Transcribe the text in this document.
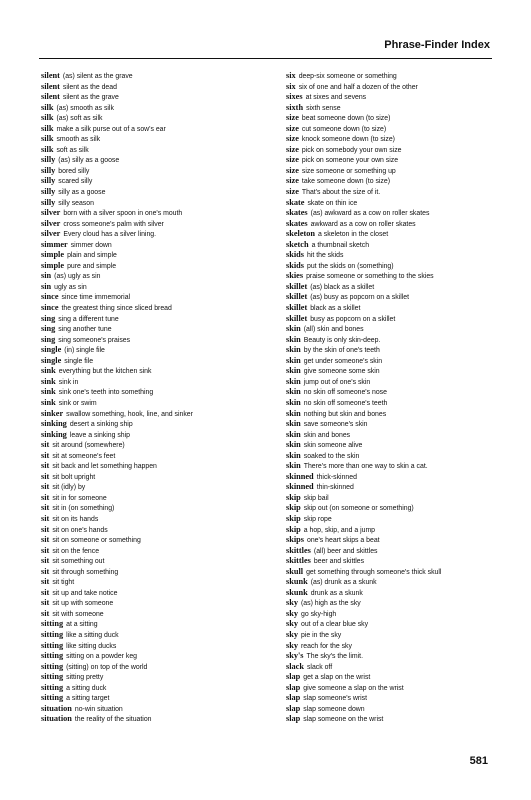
Phrase-Finder Index
silent (as) silent as the grave
silent silent as the dead
silent silent as the grave
silk (as) smooth as silk
silk (as) soft as silk
silk make a silk purse out of a sow's ear
silk smooth as silk
silk soft as silk
silly (as) silly as a goose
silly bored silly
silly scared silly
silly silly as a goose
silly silly season
silver born with a silver spoon in one's mouth
silver cross someone's palm with silver
silver Every cloud has a silver lining.
simmer simmer down
simple plain and simple
simple pure and simple
sin (as) ugly as sin
sin ugly as sin
since since time immemorial
since the greatest thing since sliced bread
sing sing a different tune
sing sing another tune
sing sing someone's praises
single (in) single file
single single file
sink everything but the kitchen sink
sink sink in
sink sink one's teeth into something
sink sink or swim
sinker swallow something, hook, line, and sinker
sinking desert a sinking ship
sinking leave a sinking ship
sit sit around (somewhere)
sit sit at someone's feet
sit sit back and let something happen
sit sit bolt upright
sit sit (idly) by
sit sit in for someone
sit sit in (on something)
sit sit on its hands
sit sit on one's hands
sit sit on someone or something
sit sit on the fence
sit sit something out
sit sit through something
sit sit tight
sit sit up and take notice
sit sit up with someone
sit sit with someone
sitting at a sitting
sitting like a sitting duck
sitting like sitting ducks
sitting sitting on a powder keg
sitting (sitting) on top of the world
sitting sitting pretty
sitting a sitting duck
sitting a sitting target
situation no-win situation
situation the reality of the situation
six deep-six someone or something
six six of one and half a dozen of the other
sixes at sixes and sevens
sixth sixth sense
size beat someone down (to size)
size cut someone down (to size)
size knock someone down (to size)
size pick on somebody your own size
size pick on someone your own size
size size someone or something up
size take someone down (to size)
size That's about the size of it.
skate skate on thin ice
skates (as) awkward as a cow on roller skates
skates awkward as a cow on roller skates
skeleton a skeleton in the closet
sketch a thumbnail sketch
skids hit the skids
skids put the skids on (something)
skies praise someone or something to the skies
skillet (as) black as a skillet
skillet (as) busy as popcorn on a skillet
skillet black as a skillet
skillet busy as popcorn on a skillet
skin (all) skin and bones
skin Beauty is only skin-deep.
skin by the skin of one's teeth
skin get under someone's skin
skin give someone some skin
skin jump out of one's skin
skin no skin off someone's nose
skin no skin off someone's teeth
skin nothing but skin and bones
skin save someone's skin
skin skin and bones
skin skin someone alive
skin soaked to the skin
skin There's more than one way to skin a cat.
skinned thick-skinned
skinned thin-skinned
skip skip bail
skip skip out (on someone or something)
skip skip rope
skip a hop, skip, and a jump
skips one's heart skips a beat
skittles (all) beer and skittles
skittles beer and skittles
skull get something through someone's thick skull
skunk (as) drunk as a skunk
skunk drunk as a skunk
sky (as) high as the sky
sky go sky-high
sky out of a clear blue sky
sky pie in the sky
sky reach for the sky
sky's The sky's the limit.
slack slack off
slap get a slap on the wrist
slap give someone a slap on the wrist
slap slap someone's wrist
slap slap someone down
slap slap someone on the wrist
581
